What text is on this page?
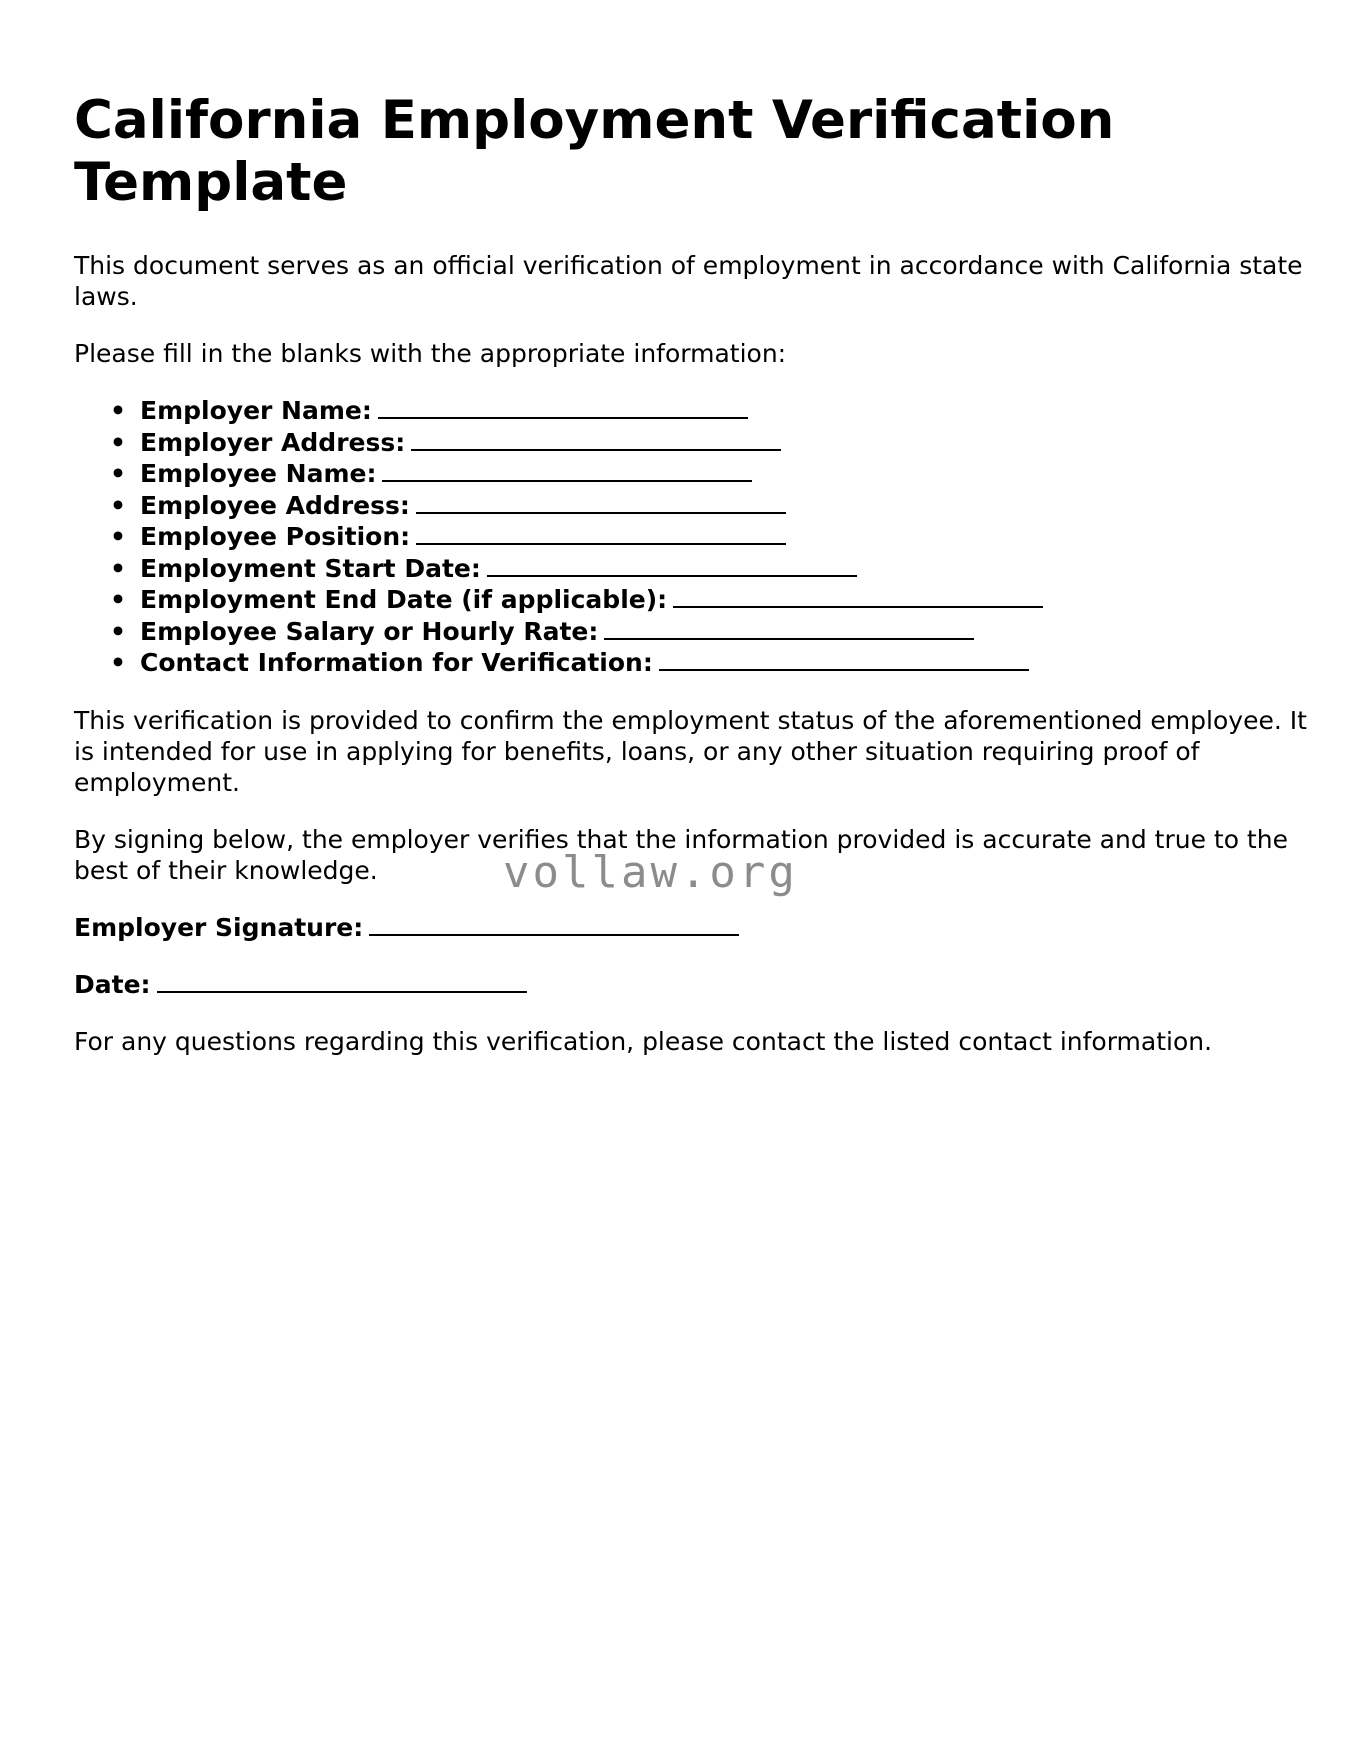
California Employment Verification Template

This document serves as an official verification of employment in accordance with California state laws.

Please fill in the blanks with the appropriate information:

• Employer Name:
• Employer Address:
• Employee Name:
• Employee Address:
• Employee Position:
• Employment Start Date:
• Employment End Date (if applicable):
• Employee Salary or Hourly Rate:
• Contact Information for Verification:

This verification is provided to confirm the employment status of the aforementioned employee. It is intended for use in applying for benefits, loans, or any other situation requiring proof of employment.

By signing below, the employer verifies that the information provided is accurate and true to the best of their knowledge.

Employer Signature:
Date:

For any questions regarding this verification, please contact the listed contact information.

vollaw.org
